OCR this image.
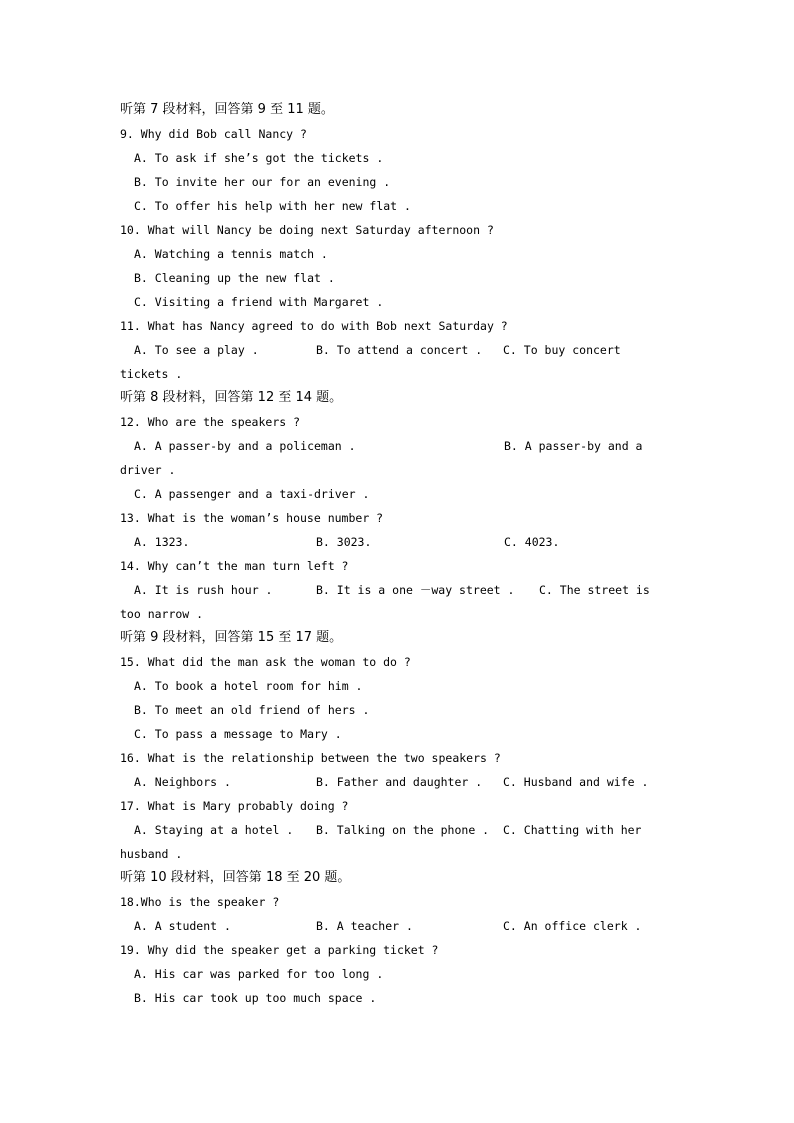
听第 7 段材料，回答第 9 至 11 题。
9. Why did Bob call Nancy ?
A. To ask if she’s got the tickets .
B. To invite her our for an evening .
C. To offer his help with her new flat .
10. What will Nancy be doing next Saturday afternoon ?
A. Watching a tennis match .
B. Cleaning up the new flat .
C. Visiting a friend with Margaret .
11. What has Nancy agreed to do with Bob next Saturday ?
A. To see a play .	B. To attend a concert . C. To buy concert
tickets .
听第 8 段材料，回答第 12 至 14 题。
12. Who are the speakers ?
A. A passer-by and a policeman .	B. A passer-by and a
driver .
C. A passenger and a taxi-driver .
13. What is the woman’s house number ?
A. 1323.	B. 3023.	C. 4023.
14. Why can’t the man turn left ?
A. It is rush hour .	B. It is a one －way street . C. The street is
too narrow .
听第 9 段材料，回答第 15 至 17 题。
15. What did the man ask the woman to do ?
A. To book a hotel room for him .
B. To meet an old friend of hers .
C. To pass a message to Mary .
16. What is the relationship between the two speakers ?
A. Neighbors .	B. Father and daughter . C. Husband and wife .
17. What is Mary probably doing ?
A. Staying at a hotel . B. Talking on the phone . C. Chatting with her
husband .
听第 10 段材料，回答第 18 至 20 题。
18.Who is the speaker ?
A. A student .	B. A teacher .	C. An office clerk .
19. Why did the speaker get a parking ticket ?
A. His car was parked for too long .
B. His car took up too much space .
